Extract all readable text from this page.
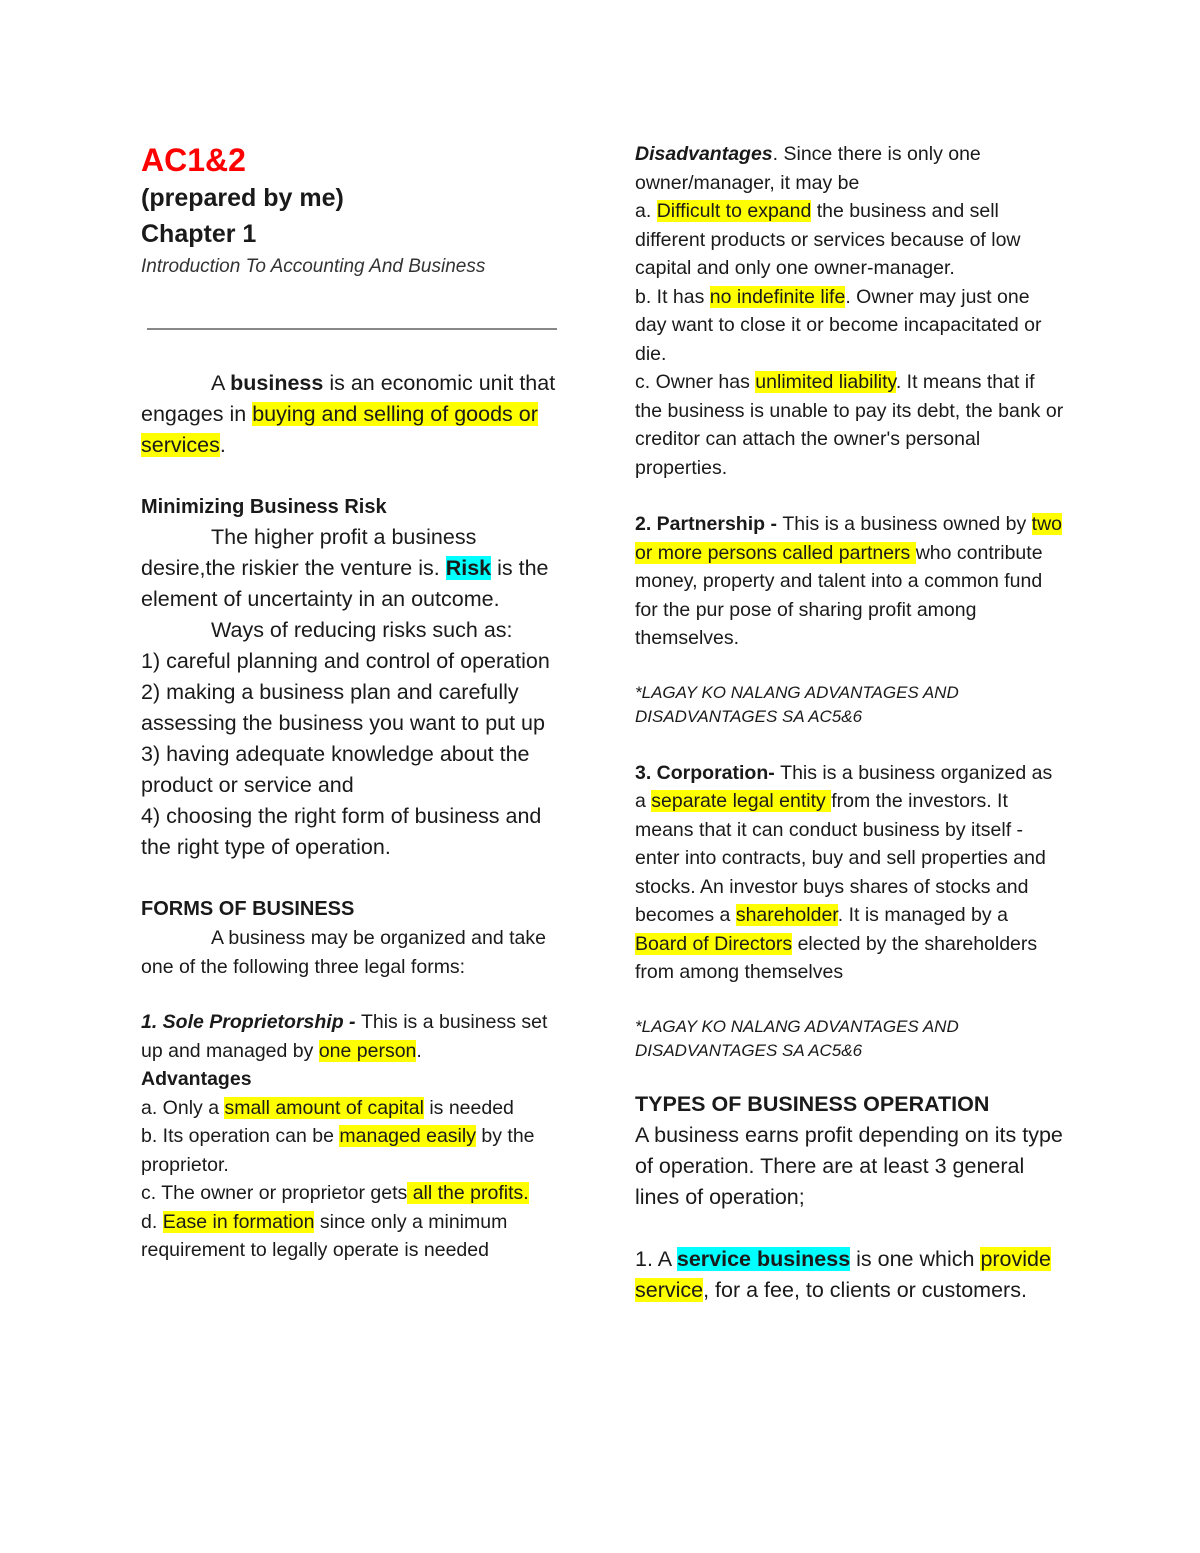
AC1&2

(prepared by me)

Chapter 1

Introduction To Accounting And Business

A business is an economic unit that engages in buying and selling of goods or services.

Minimizing Business Risk

The higher profit a business desire,the riskier the venture is. Risk is the element of uncertainty in an outcome.

Ways of reducing risks such as:

1) careful planning and control of operation

2) making a business plan and carefully assessing the business you want to put up

3) having adequate knowledge about the product or service and

4) choosing the right form of business and the right type of operation.

FORMS OF BUSINESS

A business may be organized and take one of the following three legal forms:

1. Sole Proprietorship - This is a business set up and managed by one person.

Advantages

a. Only a small amount of capital is needed

b. Its operation can be managed easily by the proprietor.

c. The owner or proprietor gets all the profits.

d. Ease in formation since only a minimum requirement to legally operate is needed

Disadvantages. Since there is only one owner/manager, it may be

a. Difficult to expand the business and sell different products or services because of low

capital and only one owner-manager.

b. It has no indefinite life. Owner may just one day want to close it or become incapacitated or die.

c. Owner has unlimited liability. It means that if the business is unable to pay its debt, the bank or creditor can attach the owner's personal properties.

2. Partnership - This is a business owned by two or more persons called partners who contribute money, property and talent into a common fund for the pur pose of sharing profit among themselves.

*LAGAY KO NALANG ADVANTAGES AND DISADVANTAGES SA AC5&6

3. Corporation- This is a business organized as a separate legal entity from the investors. It means that it can conduct business by itself - enter into contracts, buy and sell properties and stocks. An investor buys shares of stocks and becomes a shareholder. It is managed by a Board of Directors elected by the shareholders from among themselves

*LAGAY KO NALANG ADVANTAGES AND DISADVANTAGES SA AC5&6

TYPES OF BUSINESS OPERATION

A business earns profit depending on its type of operation. There are at least 3 general lines of operation;

1. A service business is one which provide service, for a fee, to clients or customers.
